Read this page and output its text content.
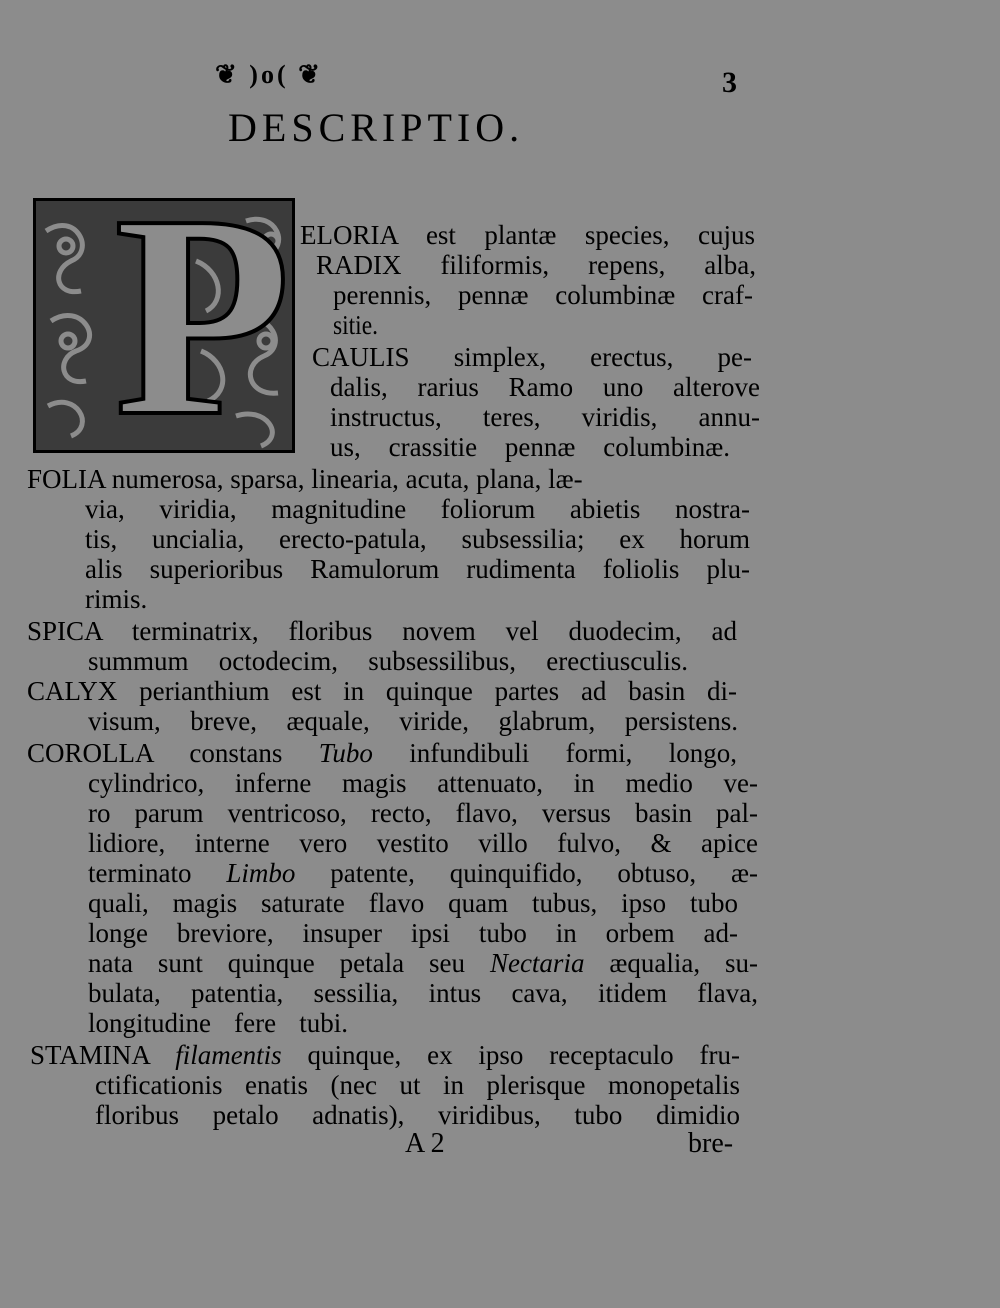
❦ )o( ❦	3
DESCRIPTIO.
P ELORIA est plantæ species, cujus
RADIX filiformis, repens, alba,
perennis, pennæ columbinæ craf-
sitie.
CAULIS simplex, erectus, pe-
dalis, rarius Ramo uno alterove
instructus, teres, viridis, annu-
us, crassitie pennæ columbinæ.
FOLIA numerosa, sparsa, linearia, acuta, plana, læ-
via, viridia, magnitudine foliorum abietis nostra-
tis, uncialia, erecto-patula, subsessilia; ex horum
alis superioribus Ramulorum rudimenta foliolis plu-
rimis.
SPICA terminatrix, floribus novem vel duodecim, ad
summum octodecim, subsessilibus, erectiusculis.
CALYX perianthium est in quinque partes ad basin di-
visum, breve, æquale, viride, glabrum, persistens.
COROLLA constans Tubo infundibuli formi, longo,
cylindrico, inferne magis attenuato, in medio ve-
ro parum ventricoso, recto, flavo, versus basin pal-
lidiore, interne vero vestito villo fulvo, & apice
terminato Limbo patente, quinquifido, obtuso, æ-
quali, magis saturate flavo quam tubus, ipso tubo
longe breviore, insuper ipsi tubo in orbem ad-
nata sunt quinque petala seu Nectaria æqualia, su-
bulata, patentia, sessilia, intus cava, itidem flava,
longitudine fere tubi.
STAMINA filamentis quinque, ex ipso receptaculo fru-
ctificationis enatis (nec ut in plerisque monopetalis
floribus petalo adnatis), viridibus, tubo dimidio
A 2	bre-
